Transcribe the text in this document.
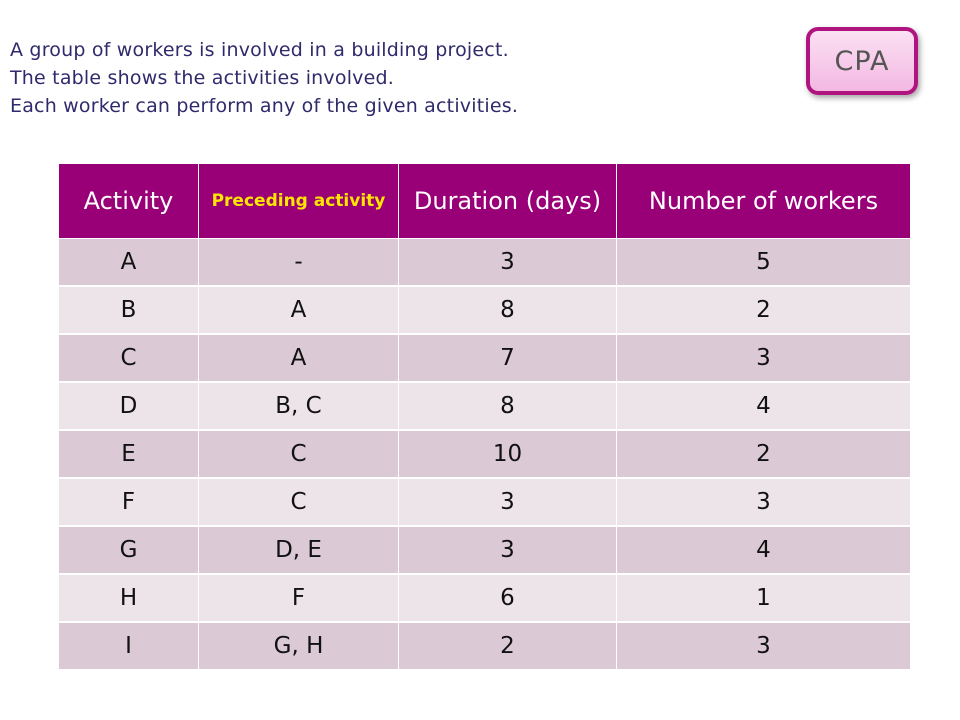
A group of workers is involved in a building project.
The table shows the activities involved.
Each worker can perform any of the given activities.
CPA
Activity	Preceding activity	Duration (days)	Number of workers
A	-	3	5
B	A	8	2
C	A	7	3
D	B, C	8	4
E	C	10	2
F	C	3	3
G	D, E	3	4
H	F	6	1
I	G, H	2	3
